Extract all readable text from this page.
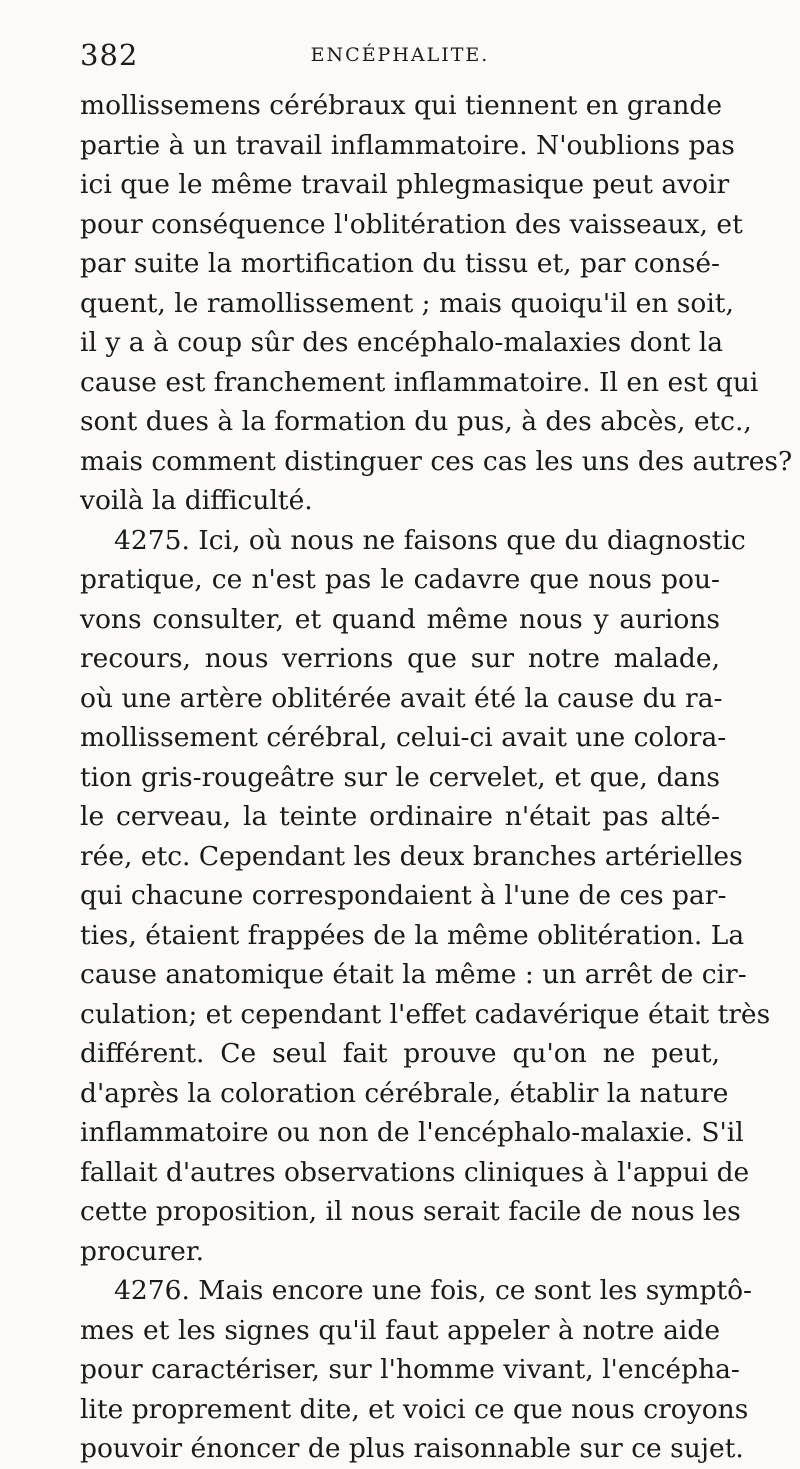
382	ENCÉPHALITE.
mollissemens cérébraux qui tiennent en grande
partie à un travail inflammatoire. N'oublions pas
ici que le même travail phlegmasique peut avoir
pour conséquence l'oblitération des vaisseaux, et
par suite la mortification du tissu et, par consé-
quent, le ramollissement ; mais quoiqu'il en soit,
il y a à coup sûr des encéphalo-malaxies dont la
cause est franchement inflammatoire. Il en est qui
sont dues à la formation du pus, à des abcès, etc.,
mais comment distinguer ces cas les uns des autres?
voilà la difficulté.
4275. Ici, où nous ne faisons que du diagnostic
pratique, ce n'est pas le cadavre que nous pou-
vons consulter, et quand même nous y aurions
recours, nous verrions que sur notre malade,
où une artère oblitérée avait été la cause du ra-
mollissement cérébral, celui-ci avait une colora-
tion gris-rougeâtre sur le cervelet, et que, dans
le cerveau, la teinte ordinaire n'était pas alté-
rée, etc. Cependant les deux branches artérielles
qui chacune correspondaient à l'une de ces par-
ties, étaient frappées de la même oblitération. La
cause anatomique était la même : un arrêt de cir-
culation; et cependant l'effet cadavérique était très
différent. Ce seul fait prouve qu'on ne peut,
d'après la coloration cérébrale, établir la nature
inflammatoire ou non de l'encéphalo-malaxie. S'il
fallait d'autres observations cliniques à l'appui de
cette proposition, il nous serait facile de nous les
procurer.
4276. Mais encore une fois, ce sont les symptô-
mes et les signes qu'il faut appeler à notre aide
pour caractériser, sur l'homme vivant, l'encépha-
lite proprement dite, et voici ce que nous croyons
pouvoir énoncer de plus raisonnable sur ce sujet.
